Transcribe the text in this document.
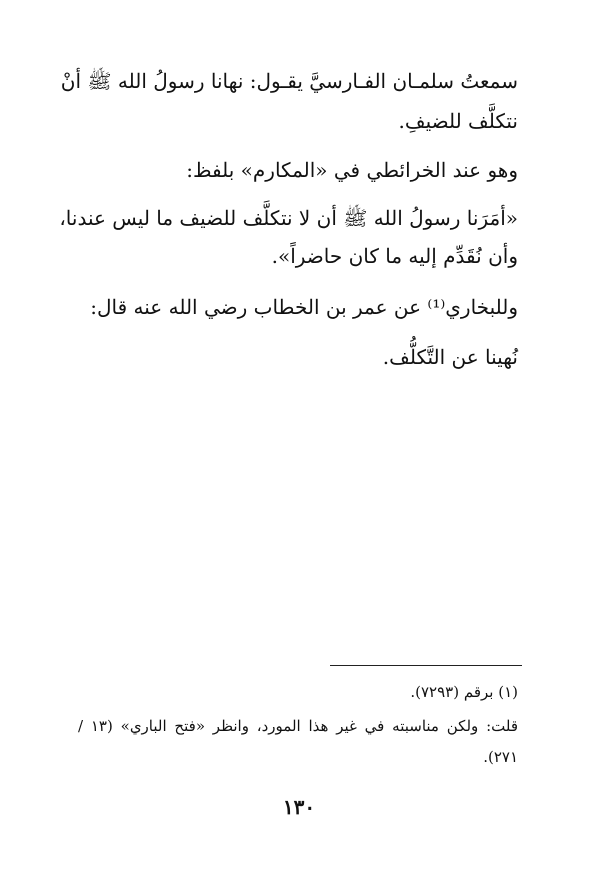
سمعتُ سلمـان الفـارسيَّ يقـول: نهانا رسولُ الله ﷺ أنْ
نتكلَّف للضيفِ.
وهو عند الخرائطي في «المكارم» بلفظ:
«أمَرَنا رسولُ الله ﷺ أن لا نتكلَّف للضيف ما ليس عندنا،
وأن نُقَدِّم إليه ما كان حاضراً».
وللبخاري⁽¹⁾ عن عمر بن الخطاب رضي الله عنه قال:
نُهينا عن التَّكلُّف.
(١) برقم (٧٢٩٣).
قلت: ولكن مناسبته في غير هذا المورد، وانظر «فتح الباري» (١٣ /
٢٧١).
١٣٠
